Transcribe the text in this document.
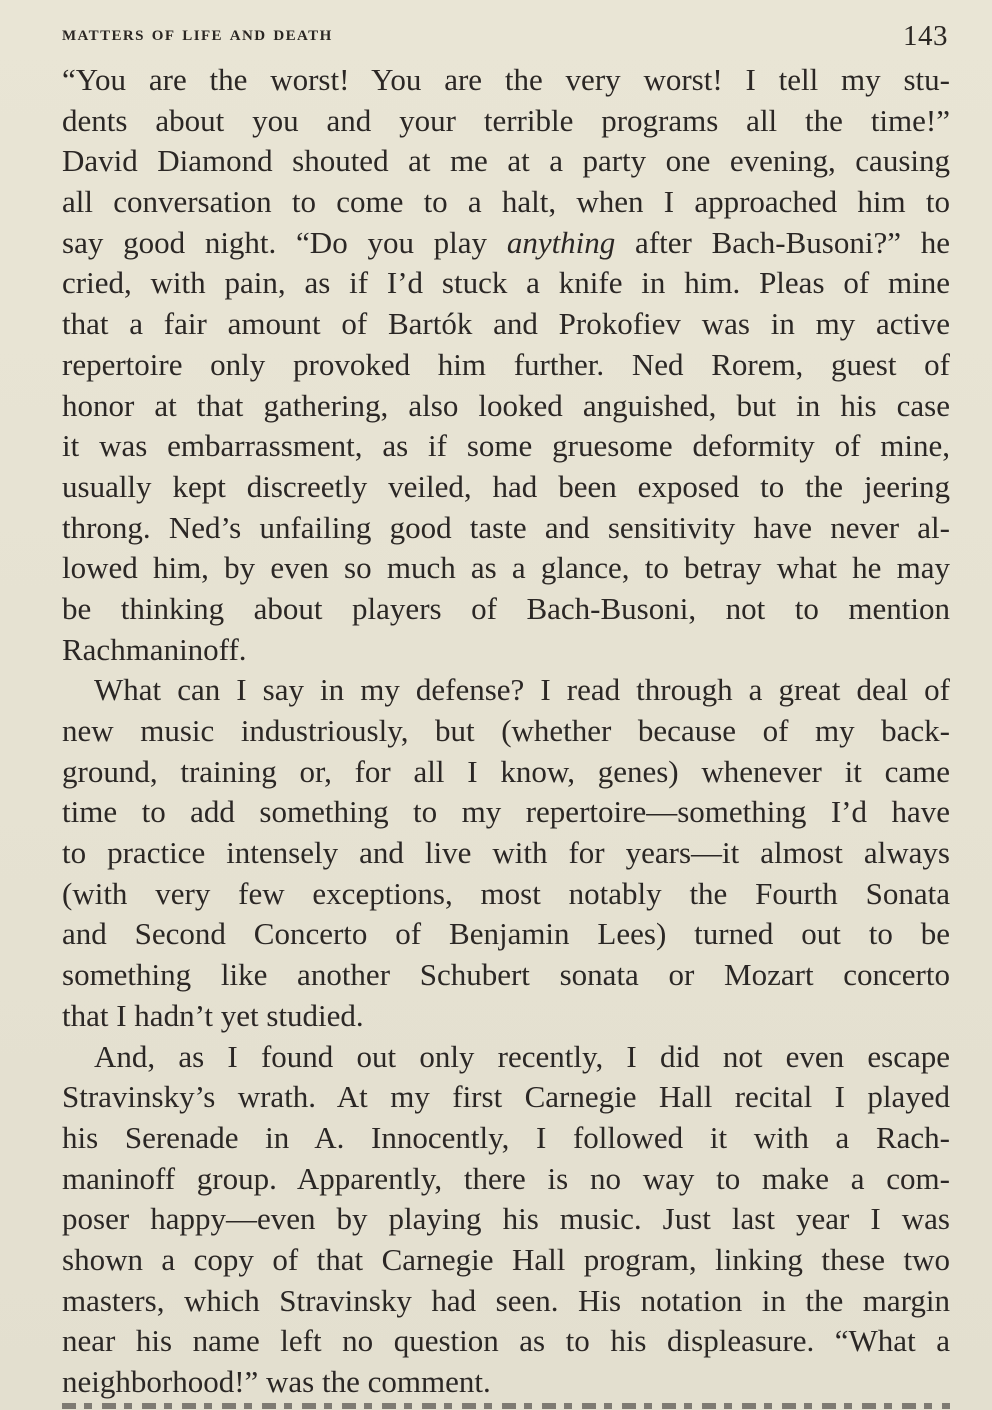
matters of life and death	143
“You are the worst! You are the very worst! I tell my stu-
dents about you and your terrible programs all the time!”
David Diamond shouted at me at a party one evening, causing
all conversation to come to a halt, when I approached him to
say good night. “Do you play anything after Bach-Busoni?” he
cried, with pain, as if I’d stuck a knife in him. Pleas of mine
that a fair amount of Bartók and Prokofiev was in my active
repertoire only provoked him further. Ned Rorem, guest of
honor at that gathering, also looked anguished, but in his case
it was embarrassment, as if some gruesome deformity of mine,
usually kept discreetly veiled, had been exposed to the jeering
throng. Ned’s unfailing good taste and sensitivity have never al-
lowed him, by even so much as a glance, to betray what he may
be thinking about players of Bach-Busoni, not to mention
Rachmaninoff.
What can I say in my defense? I read through a great deal of
new music industriously, but (whether because of my back-
ground, training or, for all I know, genes) whenever it came
time to add something to my repertoire—something I’d have
to practice intensely and live with for years—it almost always
(with very few exceptions, most notably the Fourth Sonata
and Second Concerto of Benjamin Lees) turned out to be
something like another Schubert sonata or Mozart concerto
that I hadn’t yet studied.
And, as I found out only recently, I did not even escape
Stravinsky’s wrath. At my first Carnegie Hall recital I played
his Serenade in A. Innocently, I followed it with a Rach-
maninoff group. Apparently, there is no way to make a com-
poser happy—even by playing his music. Just last year I was
shown a copy of that Carnegie Hall program, linking these two
masters, which Stravinsky had seen. His notation in the margin
near his name left no question as to his displeasure. “What a
neighborhood!” was the comment.
